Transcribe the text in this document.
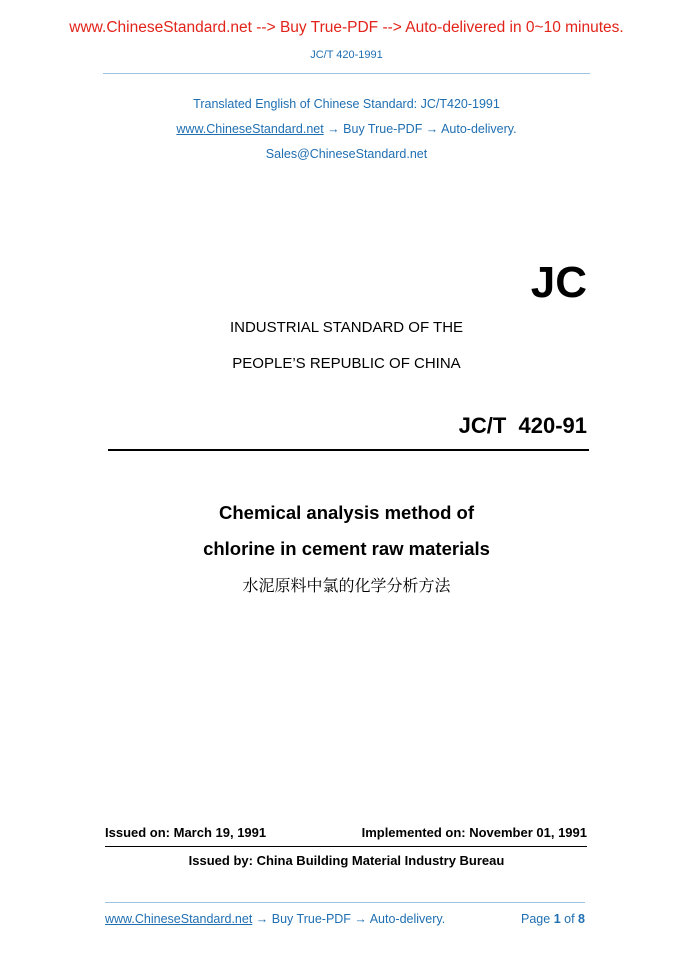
www.ChineseStandard.net --> Buy True-PDF --> Auto-delivered in 0~10 minutes.
JC/T 420-1991
Translated English of Chinese Standard: JC/T420-1991
www.ChineseStandard.net → Buy True-PDF → Auto-delivery.
Sales@ChineseStandard.net
JC
INDUSTRIAL STANDARD OF THE
PEOPLE’S REPUBLIC OF CHINA
JC/T  420-91
Chemical analysis method of
chlorine in cement raw materials
水泥原料中氯的化学分析方法
Issued on: March 19, 1991	Implemented on: November 01, 1991
Issued by: China Building Material Industry Bureau
www.ChineseStandard.net → Buy True-PDF → Auto-delivery.	Page 1 of 8
